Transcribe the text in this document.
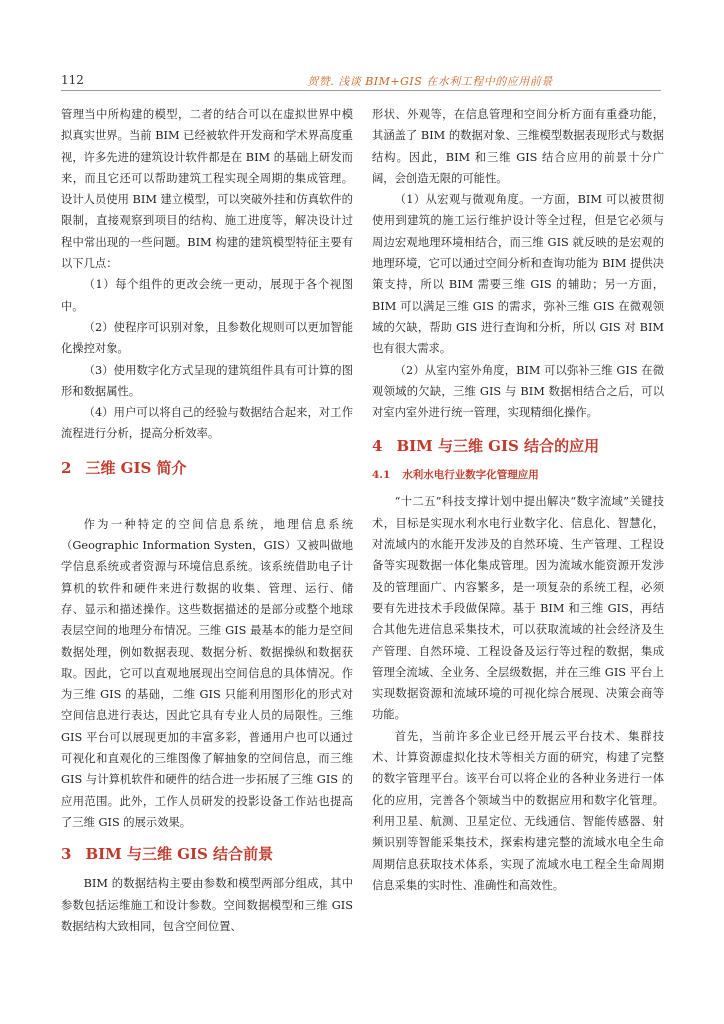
112	贺赞. 浅谈 BIM+GIS 在水利工程中的应用前景

管理当中所构建的模型，二者的结合可以在虚拟世界中模拟真实世界。当前 BIM 已经被软件开发商和学术界高度重视，许多先进的建筑设计软件都是在 BIM 的基础上研发而来，而且它还可以帮助建筑工程实现全周期的集成管理。设计人员使用 BIM 建立模型，可以突破外挂和仿真软件的限制，直接观察到项目的结构、施工进度等，解决设计过程中常出现的一些问题。BIM 构建的建筑模型特征主要有以下几点：

（1）每个组件的更改会统一更动，展现于各个视图中。

（2）使程序可识别对象，且参数化规则可以更加智能化操控对象。

（3）使用数字化方式呈现的建筑组件具有可计算的图形和数据属性。

（4）用户可以将自己的经验与数据结合起来，对工作流程进行分析，提高分析效率。

2 三维 GIS 简介

作为一种特定的空间信息系统，地理信息系统（Geographic Information Systen，GIS）又被叫做地学信息系统或者资源与环境信息系统。该系统借助电子计算机的软件和硬件来进行数据的收集、管理、运行、储存、显示和描述操作。这些数据描述的是部分或整个地球表层空间的地理分布情况。三维 GIS 最基本的能力是空间数据处理，例如数据表现、数据分析、数据操纵和数据获取。因此，它可以直观地展现出空间信息的具体情况。作为三维 GIS 的基础，二维 GIS 只能利用图形化的形式对空间信息进行表达，因此它具有专业人员的局限性。三维 GIS 平台可以展现更加的丰富多彩，普通用户也可以通过可视化和直观化的三维图像了解抽象的空间信息，而三维 GIS 与计算机软件和硬件的结合进一步拓展了三维 GIS 的应用范围。此外，工作人员研发的投影设备工作站也提高了三维 GIS 的展示效果。

3 BIM 与三维 GIS 结合前景

BIM 的数据结构主要由参数和模型两部分组成，其中参数包括运维施工和设计参数。空间数据模型和三维 GIS 数据结构大致相同，包含空间位置、

形状、外观等，在信息管理和空间分析方面有重叠功能，其涵盖了 BIM 的数据对象、三维模型数据表现形式与数据结构。因此，BIM 和三维 GIS 结合应用的前景十分广阔，会创造无限的可能性。

（1）从宏观与微观角度。一方面，BIM 可以被贯彻使用到建筑的施工运行维护设计等全过程，但是它必须与周边宏观地理环境相结合，而三维 GIS 就反映的是宏观的地理环境，它可以通过空间分析和查询功能为 BIM 提供决策支持，所以 BIM 需要三维 GIS 的辅助；另一方面，BIM 可以满足三维 GIS 的需求，弥补三维 GIS 在微观领域的欠缺，帮助 GIS 进行查询和分析，所以 GIS 对 BIM 也有很大需求。

（2）从室内室外角度，BIM 可以弥补三维 GIS 在微观领域的欠缺，三维 GIS 与 BIM 数据相结合之后，可以对室内室外进行统一管理，实现精细化操作。

4 BIM 与三维 GIS 结合的应用
4.1 水利水电行业数字化管理应用

“十二五”科技支撑计划中提出解决“数字流域”关键技术，目标是实现水利水电行业数字化、信息化、智慧化，对流域内的水能开发涉及的自然环境、生产管理、工程设备等实现数据一体化集成管理。因为流域水能资源开发涉及的管理面广、内容繁多，是一项复杂的系统工程，必须要有先进技术手段做保障。基于 BIM 和三维 GIS，再结合其他先进信息采集技术，可以获取流域的社会经济及生产管理、自然环境、工程设备及运行等过程的数据，集成管理全流域、全业务、全层级数据，并在三维 GIS 平台上实现数据资源和流域环境的可视化综合展现、决策会商等功能。

首先，当前许多企业已经开展云平台技术、集群技术、计算资源虚拟化技术等相关方面的研究，构建了完整的数字管理平台。该平台可以将企业的各种业务进行一体化的应用，完善各个领域当中的数据应用和数字化管理。利用卫星、航测、卫星定位、无线通信、智能传感器、射频识别等智能采集技术，探索构建完整的流域水电全生命周期信息获取技术体系，实现了流域水电工程全生命周期信息采集的实时性、准确性和高效性。
